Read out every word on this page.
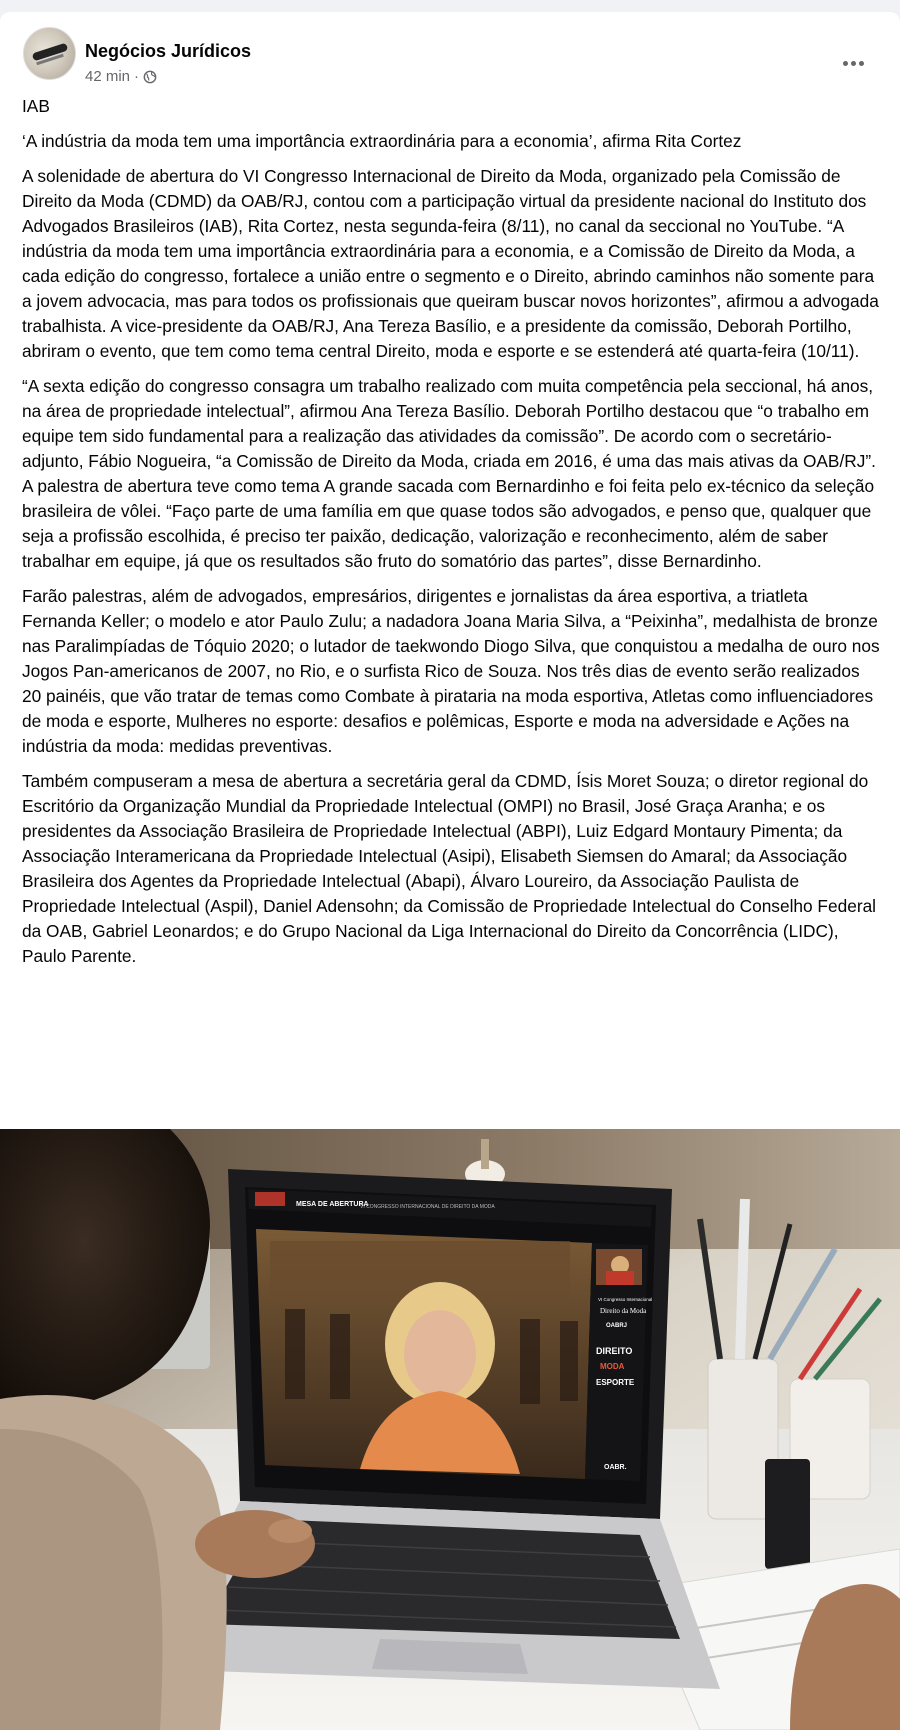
Negócios Jurídicos
42 min ·

IAB

‘A indústria da moda tem uma importância extraordinária para a economia’, afirma Rita Cortez

A solenidade de abertura do VI Congresso Internacional de Direito da Moda, organizado pela Comissão de Direito da Moda (CDMD) da OAB/RJ, contou com a participação virtual da presidente nacional do Instituto dos Advogados Brasileiros (IAB), Rita Cortez, nesta segunda-feira (8/11), no canal da seccional no YouTube. “A indústria da moda tem uma importância extraordinária para a economia, e a Comissão de Direito da Moda, a cada edição do congresso, fortalece a união entre o segmento e o Direito, abrindo caminhos não somente para a jovem advocacia, mas para todos os profissionais que queiram buscar novos horizontes”, afirmou a advogada trabalhista. A vice-presidente da OAB/RJ, Ana Tereza Basílio, e a presidente da comissão, Deborah Portilho, abriram o evento, que tem como tema central Direito, moda e esporte e se estenderá até quarta-feira (10/11).

“A sexta edição do congresso consagra um trabalho realizado com muita competência pela seccional, há anos, na área de propriedade intelectual”, afirmou Ana Tereza Basílio. Deborah Portilho destacou que “o trabalho em equipe tem sido fundamental para a realização das atividades da comissão”. De acordo com o secretário-adjunto, Fábio Nogueira, “a Comissão de Direito da Moda, criada em 2016, é uma das mais ativas da OAB/RJ”. A palestra de abertura teve como tema A grande sacada com Bernardinho e foi feita pelo ex-técnico da seleção brasileira de vôlei. “Faço parte de uma família em que quase todos são advogados, e penso que, qualquer que seja a profissão escolhida, é preciso ter paixão, dedicação, valorização e reconhecimento, além de saber trabalhar em equipe, já que os resultados são fruto do somatório das partes”, disse Bernardinho.

Farão palestras, além de advogados, empresários, dirigentes e jornalistas da área esportiva, a triatleta Fernanda Keller; o modelo e ator Paulo Zulu; a nadadora Joana Maria Silva, a “Peixinha”, medalhista de bronze nas Paralimpíadas de Tóquio 2020; o lutador de taekwondo Diogo Silva, que conquistou a medalha de ouro nos Jogos Pan-americanos de 2007, no Rio, e o surfista Rico de Souza. Nos três dias de evento serão realizados 20 painéis, que vão tratar de temas como Combate à pirataria na moda esportiva, Atletas como influenciadores de moda e esporte, Mulheres no esporte: desafios e polêmicas, Esporte e moda na adversidade e Ações na indústria da moda: medidas preventivas.

Também compuseram a mesa de abertura a secretária geral da CDMD, Ísis Moret Souza; o diretor regional do Escritório da Organização Mundial da Propriedade Intelectual (OMPI) no Brasil, José Graça Aranha; e os presidentes da Associação Brasileira de Propriedade Intelectual (ABPI), Luiz Edgard Montaury Pimenta; da Associação Interamericana da Propriedade Intelectual (Asipi), Elisabeth Siemsen do Amaral; da Associação Brasileira dos Agentes da Propriedade Intelectual (Abapi), Álvaro Loureiro, da Associação Paulista de Propriedade Intelectual (Aspil), Daniel Adensohn; da Comissão de Propriedade Intelectual do Conselho Federal da OAB, Gabriel Leonardos; e do Grupo Nacional da Liga Internacional do Direito da Concorrência (LIDC), Paulo Parente.

MESA DE ABERTURA
VI CONGRESSO INTERNACIONAL DE DIREITO DA MODA
VI Congresso Internacional
Direito da Moda
OABRJ
DIREITO
MODA
ESPORTE
OABR.
